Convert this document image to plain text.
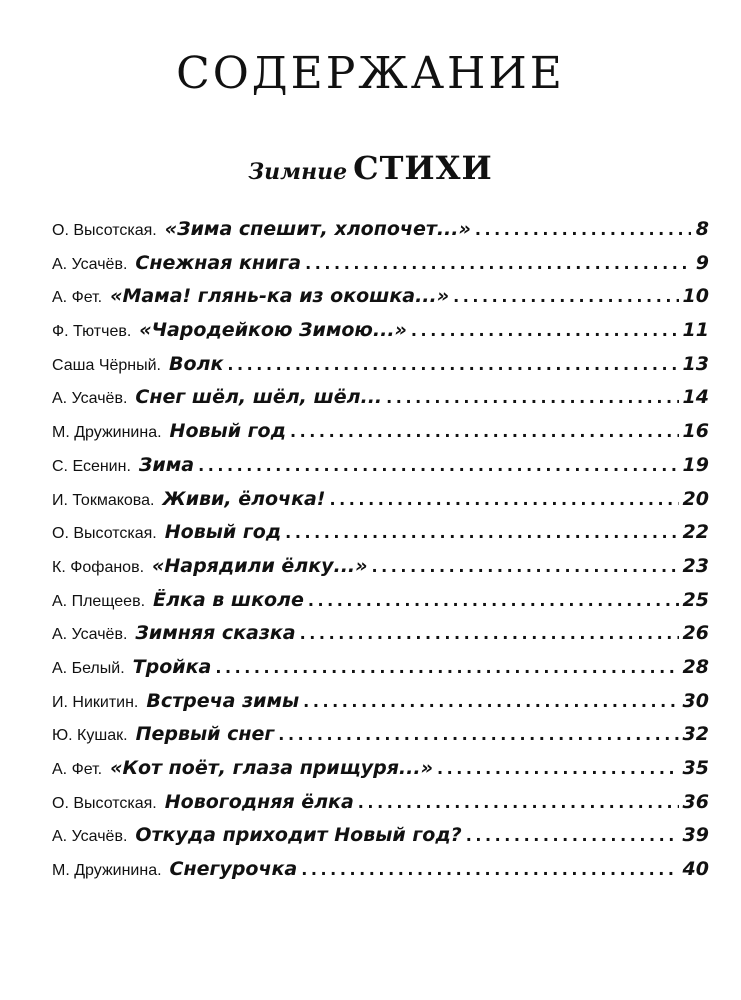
СОДЕРЖАНИЕ
Зимние СТИХИ
О. Высотская. «Зима спешит, хлопочет...» . . .	8
А. Усачёв. Снежная книга . . .	9
А. Фет. «Мама! глянь-ка из окошка...» . . .	10
Ф. Тютчев. «Чародейкою Зимою...» . . .	11
Саша Чёрный. Волк . . .	13
А. Усачёв. Снег шёл, шёл, шёл... . . .	14
М. Дружинина. Новый год . . .	16
С. Есенин. Зима . . .	19
И. Токмакова. Живи, ёлочка! . . .	20
О. Высотская. Новый год . . .	22
К. Фофанов. «Нарядили ёлку...» . . .	23
А. Плещеев. Ёлка в школе . . .	25
А. Усачёв. Зимняя сказка . . .	26
А. Белый. Тройка . . .	28
И. Никитин. Встреча зимы . . .	30
Ю. Кушак. Первый снег . . .	32
А. Фет. «Кот поёт, глаза прищуря...» . . .	35
О. Высотская. Новогодняя ёлка . . .	36
А. Усачёв. Откуда приходит Новый год? . . .	39
М. Дружинина. Снегурочка . . .	40
